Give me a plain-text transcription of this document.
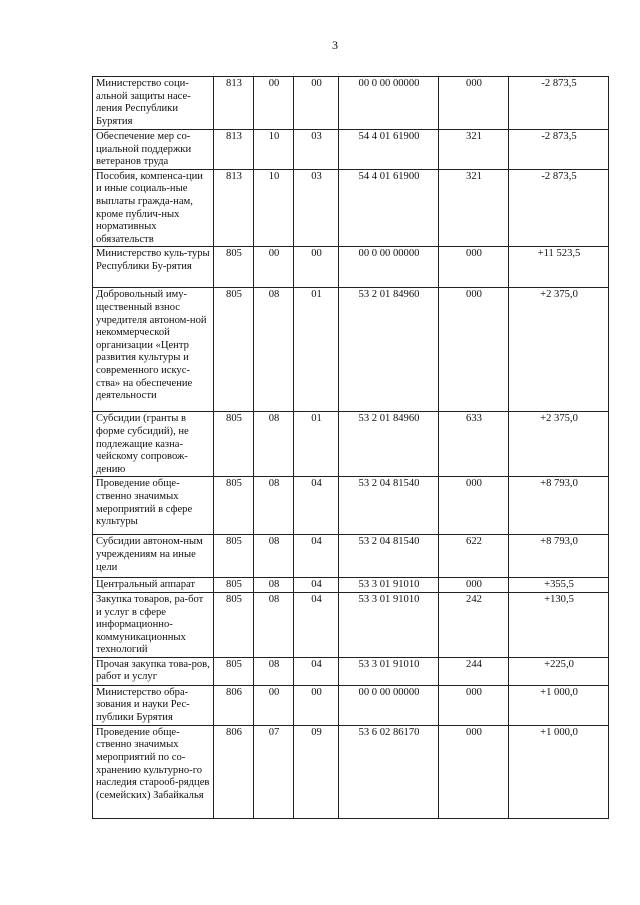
3
Министерство соци-альной защиты насе-ления Республики Бурятия	813	00	00	00 0 00 00000	000	-2 873,5
Обеспечение мер со-циальной поддержки ветеранов труда	813	10	03	54 4 01 61900	321	-2 873,5
Пособия, компенса-ции и иные социаль-ные выплаты гражда-нам, кроме публич-ных нормативных обязательств	813	10	03	54 4 01 61900	321	-2 873,5
Министерство куль-туры Республики Бу-рятия	805	00	00	00 0 00 00000	000	+11 523,5
Добровольный иму-щественный взнос учредителя автоном-ной некоммерческой организации «Центр развития культуры и современного искус-ства» на обеспечение деятельности	805	08	01	53 2 01 84960	000	+2 375,0
Субсидии (гранты в форме субсидий), не подлежащие казна-чейскому сопровож-дению	805	08	01	53 2 01 84960	633	+2 375,0
Проведение обще-ственно значимых мероприятий в сфере культуры	805	08	04	53 2 04 81540	000	+8 793,0
Субсидии автоном-ным учреждениям на иные цели	805	08	04	53 2 04 81540	622	+8 793,0
Центральный аппарат	805	08	04	53 3 01 91010	000	+355,5
Закупка товаров, ра-бот и услуг в сфере информационно-коммуникационных технологий	805	08	04	53 3 01 91010	242	+130,5
Прочая закупка това-ров, работ и услуг	805	08	04	53 3 01 91010	244	+225,0
Министерство обра-зования и науки Рес-публики Бурятия	806	00	00	00 0 00 00000	000	+1 000,0
Проведение обще-ственно значимых мероприятий по со-хранению культурно-го наследия старооб-рядцев (семейских) Забайкалья	806	07	09	53 6 02 86170	000	+1 000,0
